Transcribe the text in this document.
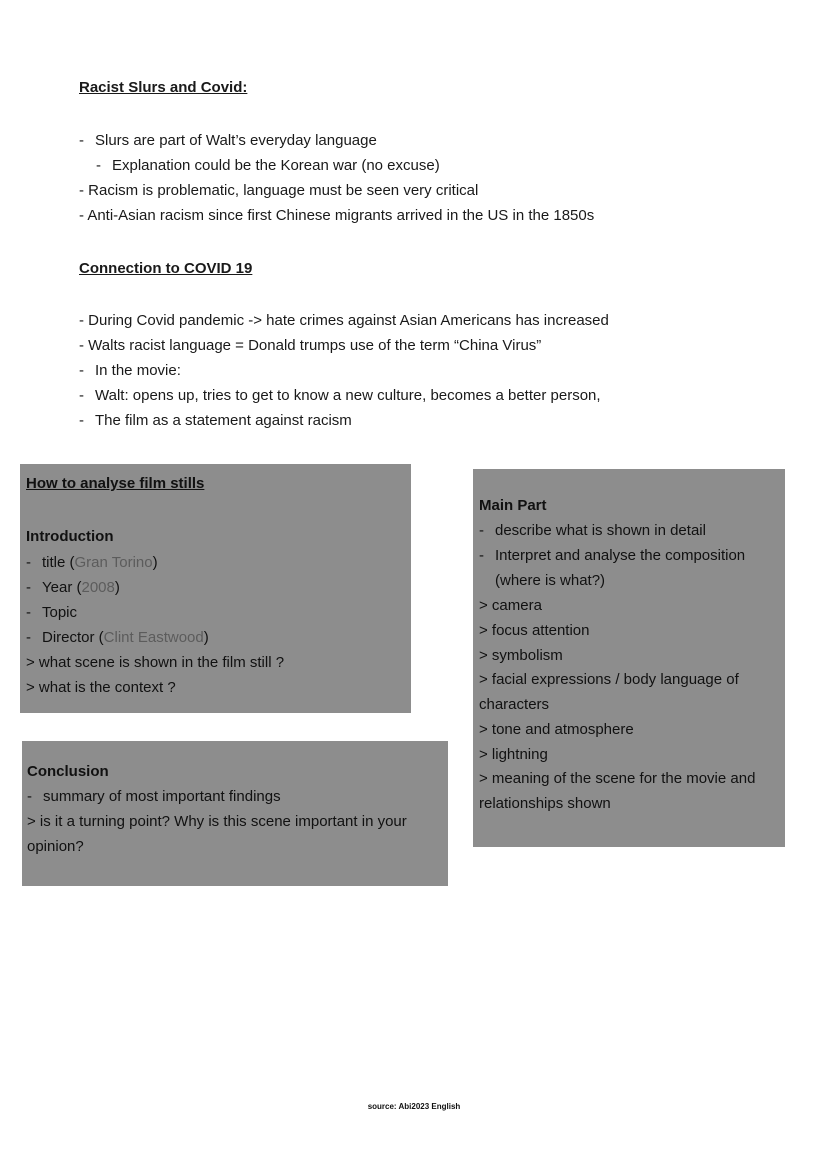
Racist Slurs and Covid:
- Slurs are part of Walt’s everyday language
- Explanation could be the Korean war (no excuse)
- Racism is problematic, language must be seen very critical
- Anti-Asian racism since first Chinese migrants arrived in the US in the 1850s
Connection to COVID 19
- During Covid pandemic -> hate crimes against Asian Americans has increased
- Walts racist language = Donald trumps use of the term “China Virus”
- In the movie:
- Walt: opens up, tries to get to know a new culture, becomes a better person,
- The film as a statement against racism
How to analyse film stills
Introduction
- title (Gran Torino)
- Year (2008)
- Topic
- Director (Clint Eastwood)
> what scene is shown in the film still ?
> what is the context ?
Main Part
- describe what is shown in detail
- Interpret and analyse the composition
(where is what?)
> camera
> focus attention
> symbolism
> facial expressions / body language of
characters
> tone and atmosphere
> lightning
> meaning of the scene for the movie and
relationships shown
Conclusion
- summary of most important findings
> is it a turning point? Why is this scene important in your
opinion?
source: Abi2023 English
